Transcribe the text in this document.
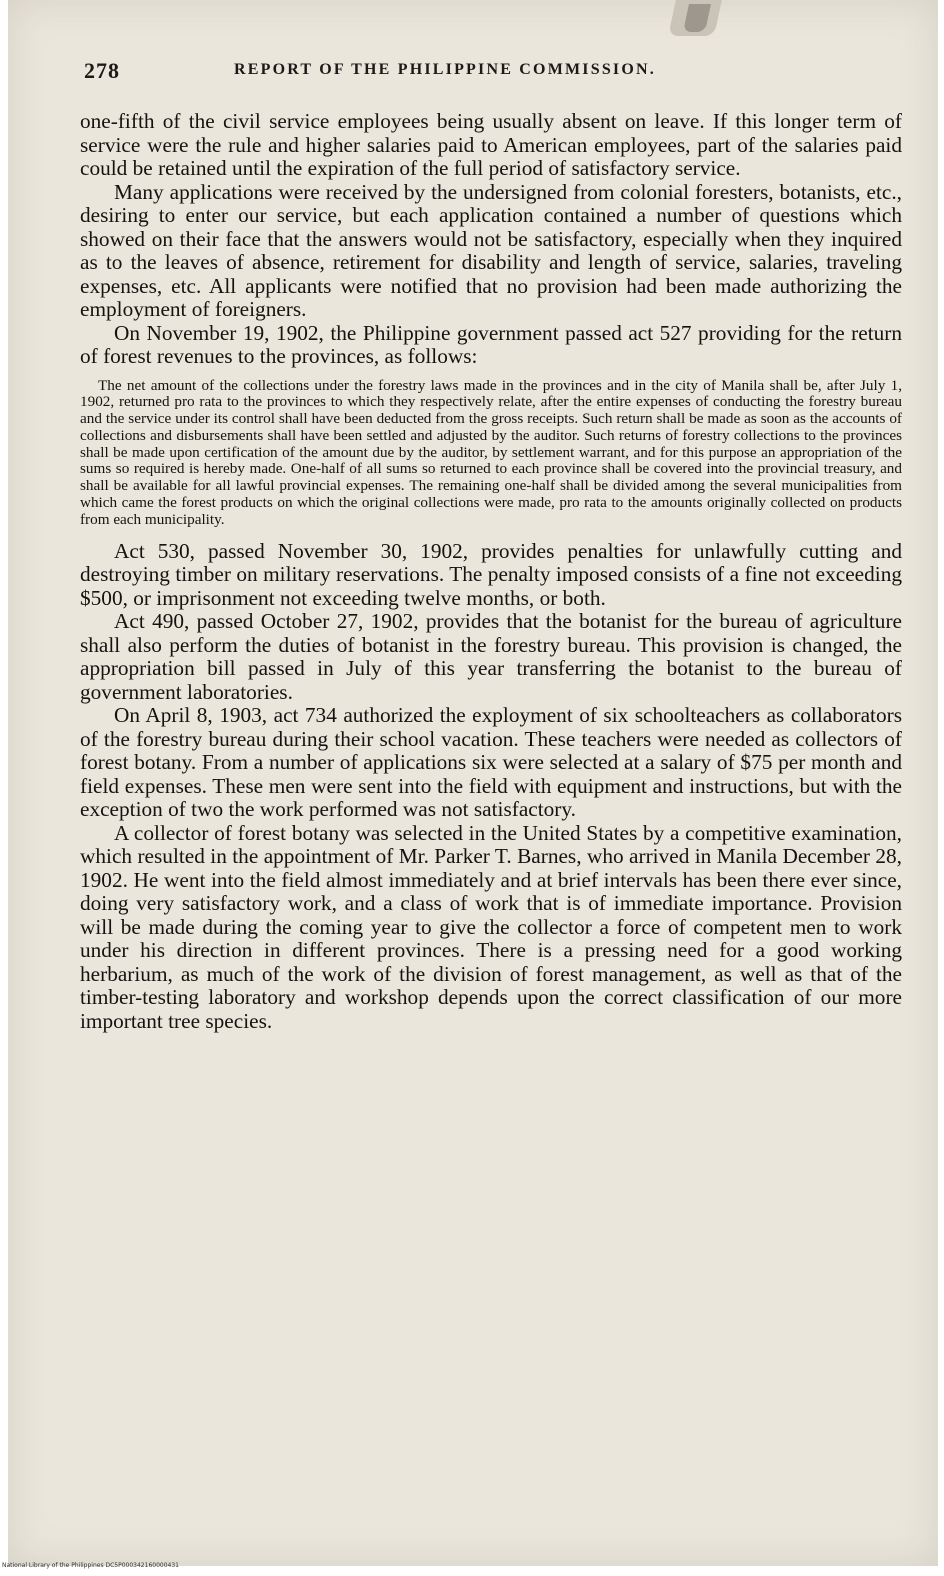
278	REPORT OF THE PHILIPPINE COMMISSION.

one-fifth of the civil service employees being usually absent on leave. If this longer term of service were the rule and higher salaries paid to American employees, part of the salaries paid could be retained until the expiration of the full period of satisfactory service.

Many applications were received by the undersigned from colonial foresters, botanists, etc., desiring to enter our service, but each application contained a number of questions which showed on their face that the answers would not be satisfactory, especially when they inquired as to the leaves of absence, retirement for disability and length of service, salaries, traveling expenses, etc. All applicants were notified that no provision had been made authorizing the employment of foreigners.

On November 19, 1902, the Philippine government passed act 527 providing for the return of forest revenues to the provinces, as follows:

The net amount of the collections under the forestry laws made in the provinces and in the city of Manila shall be, after July 1, 1902, returned pro rata to the provinces to which they respectively relate, after the entire expenses of conducting the forestry bureau and the service under its control shall have been deducted from the gross receipts. Such return shall be made as soon as the accounts of collections and disbursements shall have been settled and adjusted by the auditor. Such returns of forestry collections to the provinces shall be made upon certification of the amount due by the auditor, by settlement warrant, and for this purpose an appropriation of the sums so required is hereby made. One-half of all sums so returned to each province shall be covered into the provincial treasury, and shall be available for all lawful provincial expenses. The remaining one-half shall be divided among the several municipalities from which came the forest products on which the original collections were made, pro rata to the amounts originally collected on products from each municipality.

Act 530, passed November 30, 1902, provides penalties for unlawfully cutting and destroying timber on military reservations. The penalty imposed consists of a fine not exceeding $500, or imprisonment not exceeding twelve months, or both.

Act 490, passed October 27, 1902, provides that the botanist for the bureau of agriculture shall also perform the duties of botanist in the forestry bureau. This provision is changed, the appropriation bill passed in July of this year transferring the botanist to the bureau of government laboratories.

On April 8, 1903, act 734 authorized the exployment of six schoolteachers as collaborators of the forestry bureau during their school vacation. These teachers were needed as collectors of forest botany. From a number of applications six were selected at a salary of $75 per month and field expenses. These men were sent into the field with equipment and instructions, but with the exception of two the work performed was not satisfactory.

A collector of forest botany was selected in the United States by a competitive examination, which resulted in the appointment of Mr. Parker T. Barnes, who arrived in Manila December 28, 1902. He went into the field almost immediately and at brief intervals has been there ever since, doing very satisfactory work, and a class of work that is of immediate importance. Provision will be made during the coming year to give the collector a force of competent men to work under his direction in different provinces. There is a pressing need for a good working herbarium, as much of the work of the division of forest management, as well as that of the timber-testing laboratory and workshop depends upon the correct classification of our more important tree species.

National Library of the Philippines DC5P000342160000431
